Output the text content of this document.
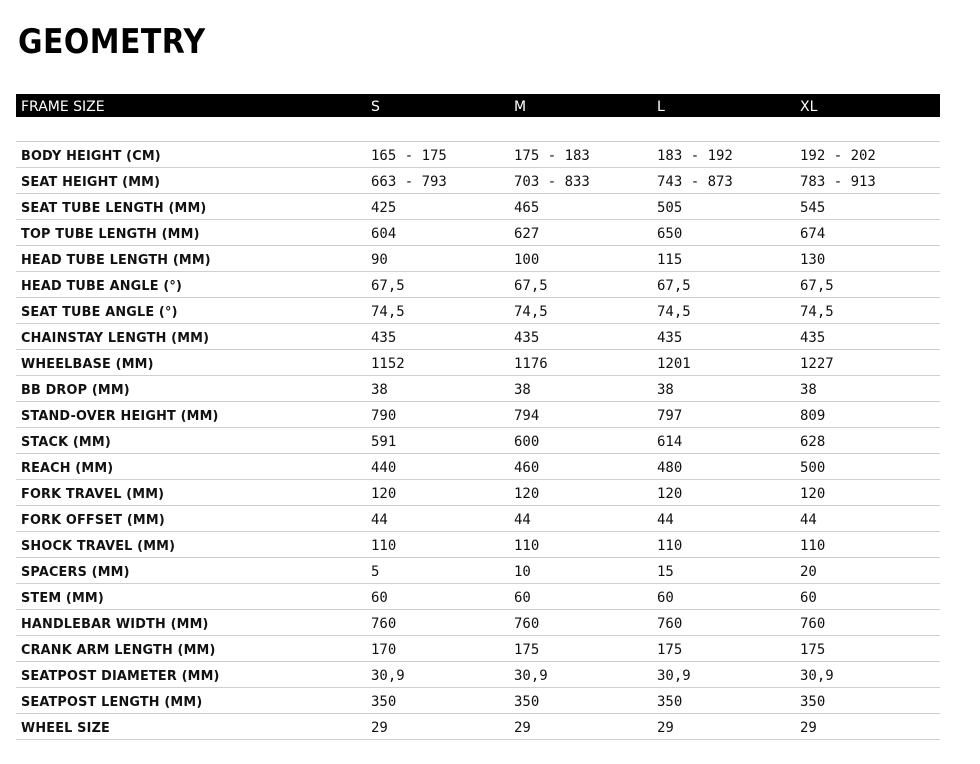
GEOMETRY
FRAME SIZE	S	M	L	XL
BODY HEIGHT (CM)	165 - 175	175 - 183	183 - 192	192 - 202
SEAT HEIGHT (MM)	663 - 793	703 - 833	743 - 873	783 - 913
SEAT TUBE LENGTH (MM)	425	465	505	545
TOP TUBE LENGTH (MM)	604	627	650	674
HEAD TUBE LENGTH (MM)	90	100	115	130
HEAD TUBE ANGLE (°)	67,5	67,5	67,5	67,5
SEAT TUBE ANGLE (°)	74,5	74,5	74,5	74,5
CHAINSTAY LENGTH (MM)	435	435	435	435
WHEELBASE (MM)	1152	1176	1201	1227
BB DROP (MM)	38	38	38	38
STAND-OVER HEIGHT (MM)	790	794	797	809
STACK (MM)	591	600	614	628
REACH (MM)	440	460	480	500
FORK TRAVEL (MM)	120	120	120	120
FORK OFFSET (MM)	44	44	44	44
SHOCK TRAVEL (MM)	110	110	110	110
SPACERS (MM)	5	10	15	20
STEM (MM)	60	60	60	60
HANDLEBAR WIDTH (MM)	760	760	760	760
CRANK ARM LENGTH (MM)	170	175	175	175
SEATPOST DIAMETER (MM)	30,9	30,9	30,9	30,9
SEATPOST LENGTH (MM)	350	350	350	350
WHEEL SIZE	29	29	29	29
